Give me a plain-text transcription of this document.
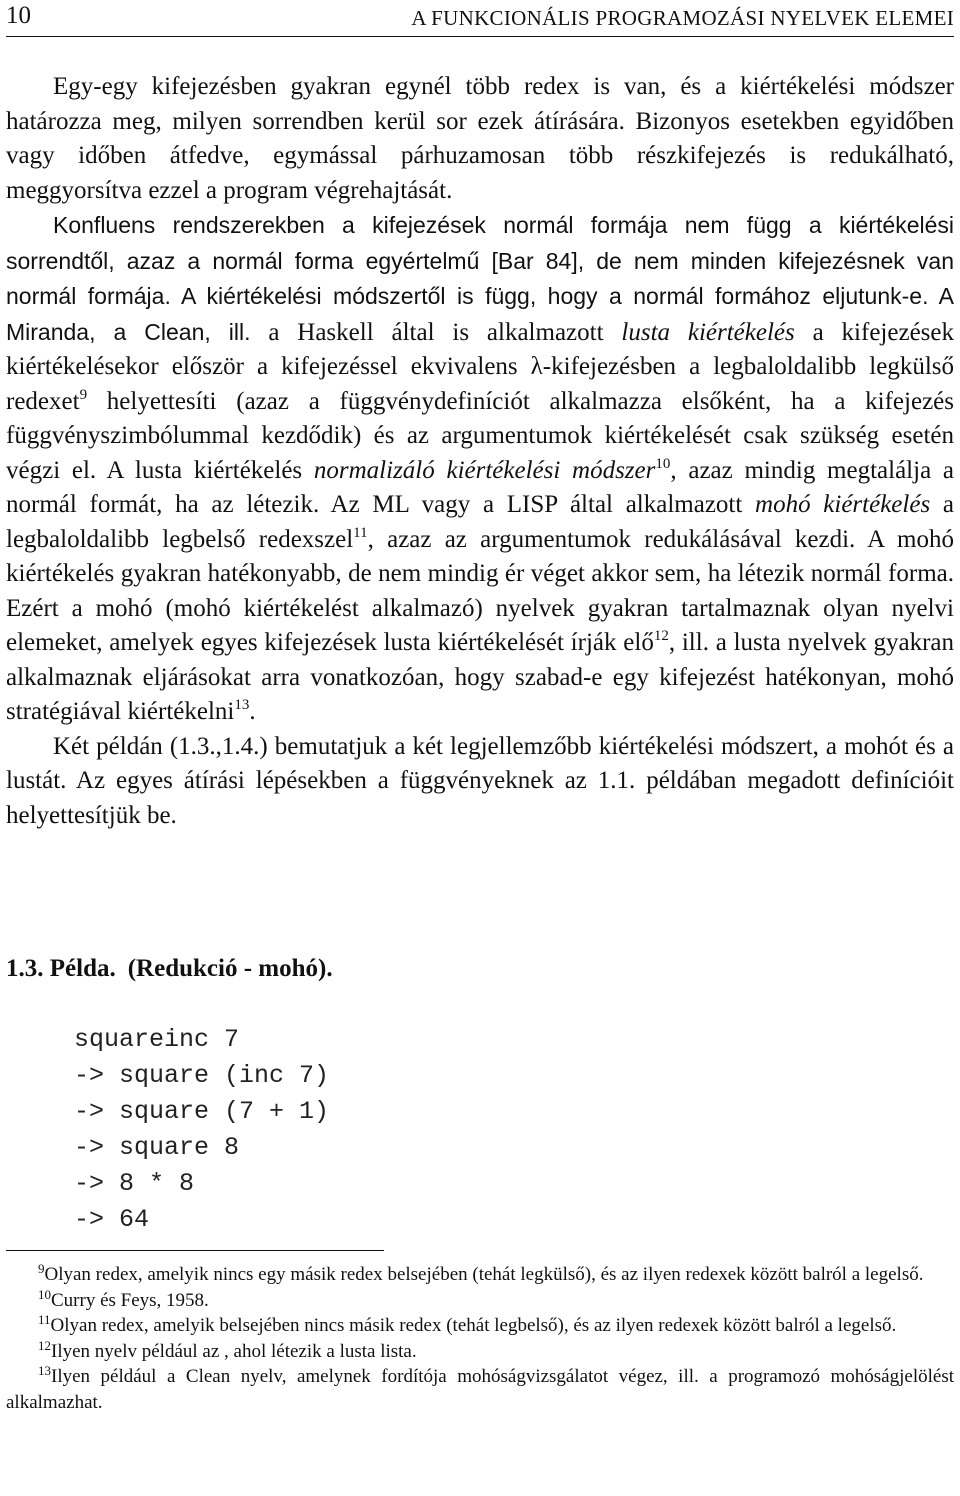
10	A FUNKCIONÁLIS PROGRAMOZÁSI NYELVEK ELEMEI

Egy-egy kifejezésben gyakran egynél több redex is van, és a kiértékelési módszer határozza meg, milyen sorrendben kerül sor ezek átírására. Bizonyos esetekben egyidőben vagy időben átfedve, egymással párhuzamosan több részkifejezés is redukálható, meggyorsítva ezzel a program végrehajtását.

Konfluens rendszerekben a kifejezések normál formája nem függ a kiértékelési sorrendtől, azaz a normál forma egyértelmű [Bar 84], de nem minden kifejezésnek van normál formája. A kiértékelési módszertől is függ, hogy a normál formához eljutunk-e. A Miranda, a Clean, ill. a Haskell által is alkalmazott lusta kiértékelés a kifejezések kiértékelésekor először a kifejezéssel ekvivalens λ-kifejezésben a legbaloldalibb legkülső redexet$^9$ helyettesíti (azaz a függvénydefiníciót alkalmazza elsőként, ha a kifejezés függvényszimbólummal kezdődik) és az argumentumok kiértékelését csak szükség esetén végzi el. A lusta kiértékelés normalizáló kiértékelési módszer$^{10}$, azaz mindig megtalálja a normál formát, ha az létezik. Az ML vagy a LISP által alkalmazott mohó kiértékelés a legbaloldalibb legbelső redexszel$^{11}$, azaz az argumentumok redukálásával kezdi. A mohó kiértékelés gyakran hatékonyabb, de nem mindig ér véget akkor sem, ha létezik normál forma. Ezért a mohó (mohó kiértékelést alkalmazó) nyelvek gyakran tartalmaznak olyan nyelvi elemeket, amelyek egyes kifejezések lusta kiértékelését írják elő$^{12}$, ill. a lusta nyelvek gyakran alkalmaznak eljárásokat arra vonatkozóan, hogy szabad-e egy kifejezést hatékonyan, mohó stratégiával kiértékelni$^{13}$.

Két példán (1.3.,1.4.) bemutatjuk a két legjellemzőbb kiértékelési módszert, a mohót és a lustát. Az egyes átírási lépésekben a függvényeknek az 1.1. példában megadott definícióit helyettesítjük be.

1.3. Példa. (Redukció - mohó).
squareinc 7
-> square (inc 7)
-> square (7 + 1)
-> square 8
-> 8 * 8
-> 64

$^9$Olyan redex, amelyik nincs egy másik redex belsejében (tehát legkülső), és az ilyen redexek között balról a legelső.

$^{10}$Curry és Feys, 1958.

$^{11}$Olyan redex, amelyik belsejében nincs másik redex (tehát legbelső), és az ilyen redexek között balról a legelső.

$^{12}$Ilyen nyelv például az , ahol létezik a lusta lista.

$^{13}$Ilyen például a Clean nyelv, amelynek fordítója mohóságvizsgálatot végez, ill. a programozó mohóságjelölést alkalmazhat.
